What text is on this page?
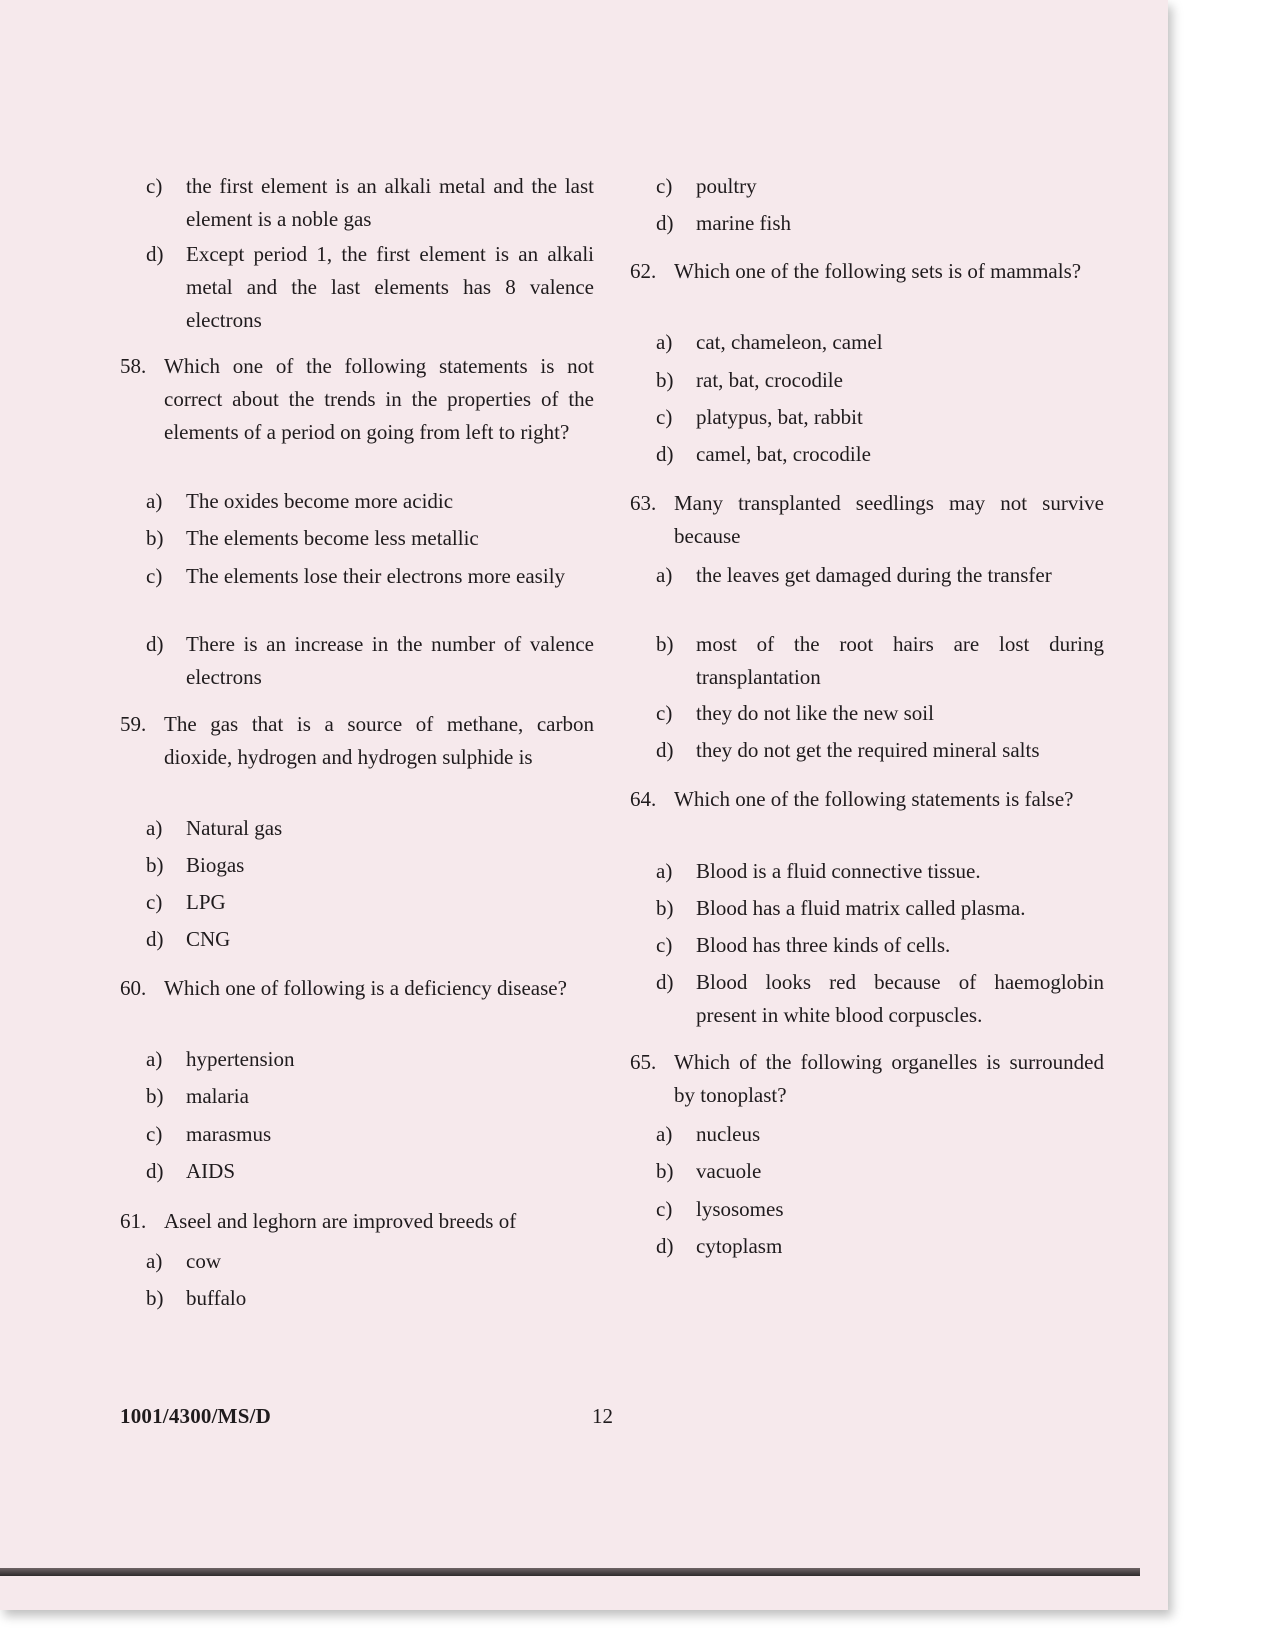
c) the first element is an alkali metal and the last element is a noble gas
d) Except period 1, the first element is an alkali metal and the last elements has 8 valence electrons
58. Which one of the following statements is not correct about the trends in the properties of the elements of a period on going from left to right?
a) The oxides become more acidic
b) The elements become less metallic
c) The elements lose their electrons more easily
d) There is an increase in the number of valence electrons
59. The gas that is a source of methane, carbon dioxide, hydrogen and hydrogen sulphide is
a) Natural gas
b) Biogas
c) LPG
d) CNG
60. Which one of following is a deficiency disease?
a) hypertension
b) malaria
c) marasmus
d) AIDS
61. Aseel and leghorn are improved breeds of
a) cow
b) buffalo
c) poultry
d) marine fish
62. Which one of the following sets is of mammals?
a) cat, chameleon, camel
b) rat, bat, crocodile
c) platypus, bat, rabbit
d) camel, bat, crocodile
63. Many transplanted seedlings may not survive because
a) the leaves get damaged during the transfer
b) most of the root hairs are lost during transplantation
c) they do not like the new soil
d) they do not get the required mineral salts
64. Which one of the following statements is false?
a) Blood is a fluid connective tissue.
b) Blood has a fluid matrix called plasma.
c) Blood has three kinds of cells.
d) Blood looks red because of haemoglobin present in white blood corpuscles.
65. Which of the following organelles is surrounded by tonoplast?
a) nucleus
b) vacuole
c) lysosomes
d) cytoplasm
1001/4300/MS/D	12
